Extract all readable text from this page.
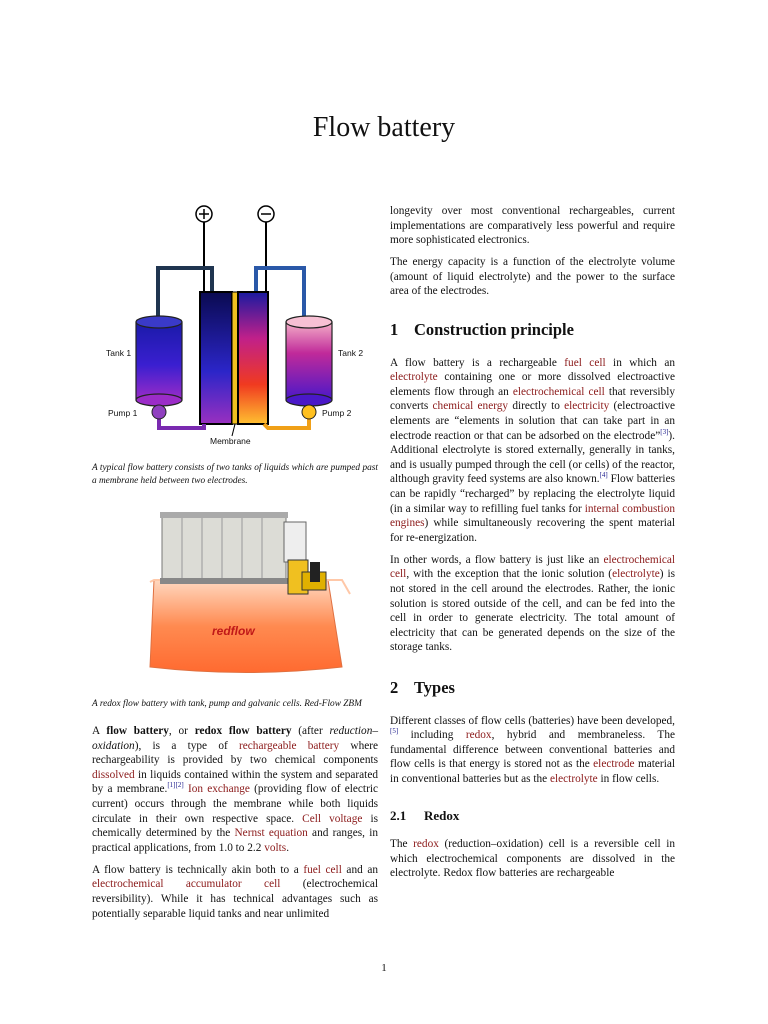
Flow battery
Tank 1	Tank 2
Pump 1	Pump 2
Membrane

A typical flow battery consists of two tanks of liquids which are pumped past a membrane held between two electrodes.

redflow

A redox flow battery with tank, pump and galvanic cells. Red-Flow ZBM

A flow battery, or redox flow battery (after reduction–oxidation), is a type of rechargeable battery where rechargeability is provided by two chemical components dissolved in liquids contained within the system and separated by a membrane.[1][2] Ion exchange (providing flow of electric current) occurs through the membrane while both liquids circulate in their own respective space. Cell voltage is chemically determined by the Nernst equation and ranges, in practical applications, from 1.0 to 2.2 volts.

A flow battery is technically akin both to a fuel cell and an electrochemical accumulator cell (electrochemical reversibility). While it has technical advantages such as potentially separable liquid tanks and near unlimited

longevity over most conventional rechargeables, current implementations are comparatively less powerful and require more sophisticated electronics.

The energy capacity is a function of the electrolyte volume (amount of liquid electrolyte) and the power to the surface area of the electrodes.

1 Construction principle

A flow battery is a rechargeable fuel cell in which an electrolyte containing one or more dissolved electroactive elements flow through an electrochemical cell that reversibly converts chemical energy directly to electricity (electroactive elements are “elements in solution that can take part in an electrode reaction or that can be adsorbed on the electrode”[3]). Additional electrolyte is stored externally, generally in tanks, and is usually pumped through the cell (or cells) of the reactor, although gravity feed systems are also known.[4] Flow batteries can be rapidly “recharged” by replacing the electrolyte liquid (in a similar way to refilling fuel tanks for internal combustion engines) while simultaneously recovering the spent material for re-energization.

In other words, a flow battery is just like an electrochemical cell, with the exception that the ionic solution (electrolyte) is not stored in the cell around the electrodes. Rather, the ionic solution is stored outside of the cell, and can be fed into the cell in order to generate electricity. The total amount of electricity that can be generated depends on the size of the storage tanks.

2 Types

Different classes of flow cells (batteries) have been developed,[5] including redox, hybrid and membraneless. The fundamental difference between conventional batteries and flow cells is that energy is stored not as the electrode material in conventional batteries but as the electrolyte in flow cells.

2.1 Redox

The redox (reduction–oxidation) cell is a reversible cell in which electrochemical components are dissolved in the electrolyte. Redox flow batteries are rechargeable

1
